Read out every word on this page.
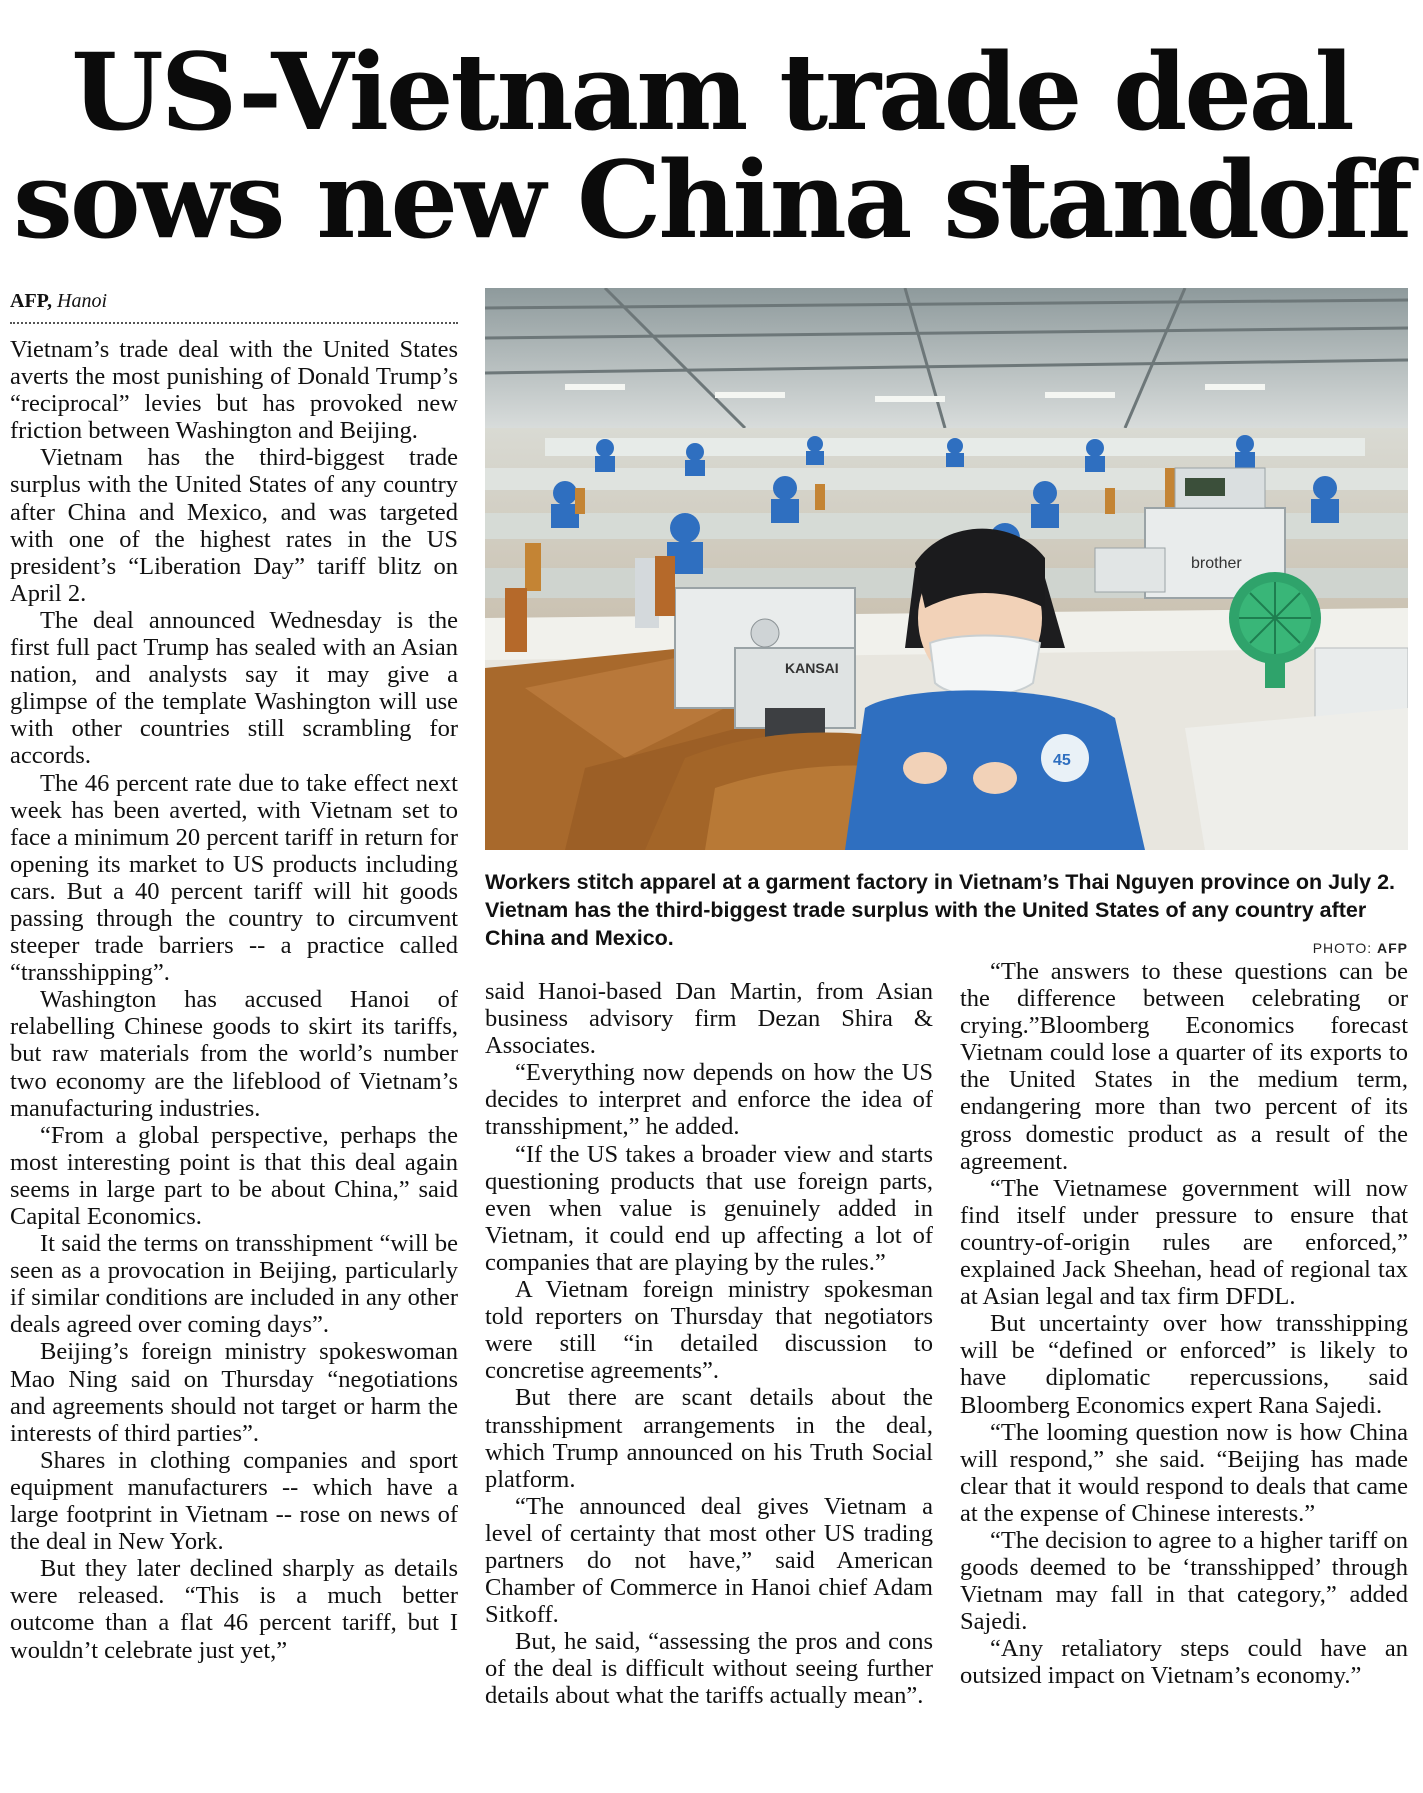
US-Vietnam trade deal
sows new China standoff
AFP, Hanoi

Vietnam’s trade deal with the United States averts the most punishing of Donald Trump’s “reciprocal” levies but has provoked new friction between Washington and Beijing.

Vietnam has the third-biggest trade surplus with the United States of any country after China and Mexico, and was targeted with one of the highest rates in the US president’s “Liberation Day” tariff blitz on April 2.

The deal announced Wednesday is the first full pact Trump has sealed with an Asian nation, and analysts say it may give a glimpse of the template Washington will use with other countries still scrambling for accords.

The 46 percent rate due to take effect next week has been averted, with Vietnam set to face a minimum 20 percent tariff in return for opening its market to US products including cars. But a 40 percent tariff will hit goods passing through the country to circumvent steeper trade barriers -- a practice called “transshipping”.

Washington has accused Hanoi of relabelling Chinese goods to skirt its tariffs, but raw materials from the world’s number two economy are the lifeblood of Vietnam’s manufacturing industries.

“From a global perspective, perhaps the most interesting point is that this deal again seems in large part to be about China,” said Capital Economics.

It said the terms on transshipment “will be seen as a provocation in Beijing, particularly if similar conditions are included in any other deals agreed over coming days”.

Beijing’s foreign ministry spokeswoman Mao Ning said on Thursday “negotiations and agreements should not target or harm the interests of third parties”.

Shares in clothing companies and sport equipment manufacturers -- which have a large footprint in Vietnam -- rose on news of the deal in New York.

But they later declined sharply as details were released. “This is a much better outcome than a flat 46 percent tariff, but I wouldn’t celebrate just yet,”

KANSAI
45
brother

Workers stitch apparel at a garment factory in Vietnam’s Thai Nguyen province on July 2. Vietnam has the third-biggest trade surplus with the United States of any country after China and Mexico.	PHOTO: AFP

said Hanoi-based Dan Martin, from Asian business advisory firm Dezan Shira & Associates.

“Everything now depends on how the US decides to interpret and enforce the idea of transshipment,” he added.

“If the US takes a broader view and starts questioning products that use foreign parts, even when value is genuinely added in Vietnam, it could end up affecting a lot of companies that are playing by the rules.”

A Vietnam foreign ministry spokesman told reporters on Thursday that negotiators were still “in detailed discussion to concretise agreements”.

But there are scant details about the transshipment arrangements in the deal, which Trump announced on his Truth Social platform.

“The announced deal gives Vietnam a level of certainty that most other US trading partners do not have,” said American Chamber of Commerce in Hanoi chief Adam Sitkoff.

But, he said, “assessing the pros and cons of the deal is difficult without seeing further details about what the tariffs actually mean”.

“The answers to these questions can be the difference between celebrating or crying.”Bloomberg Economics forecast Vietnam could lose a quarter of its exports to the United States in the medium term, endangering more than two percent of its gross domestic product as a result of the agreement.

“The Vietnamese government will now find itself under pressure to ensure that country-of-origin rules are enforced,” explained Jack Sheehan, head of regional tax at Asian legal and tax firm DFDL.

But uncertainty over how transshipping will be “defined or enforced” is likely to have diplomatic repercussions, said Bloomberg Economics expert Rana Sajedi.

“The looming question now is how China will respond,” she said. “Beijing has made clear that it would respond to deals that came at the expense of Chinese interests.”

“The decision to agree to a higher tariff on goods deemed to be ‘transshipped’ through Vietnam may fall in that category,” added Sajedi.

“Any retaliatory steps could have an outsized impact on Vietnam’s economy.”
